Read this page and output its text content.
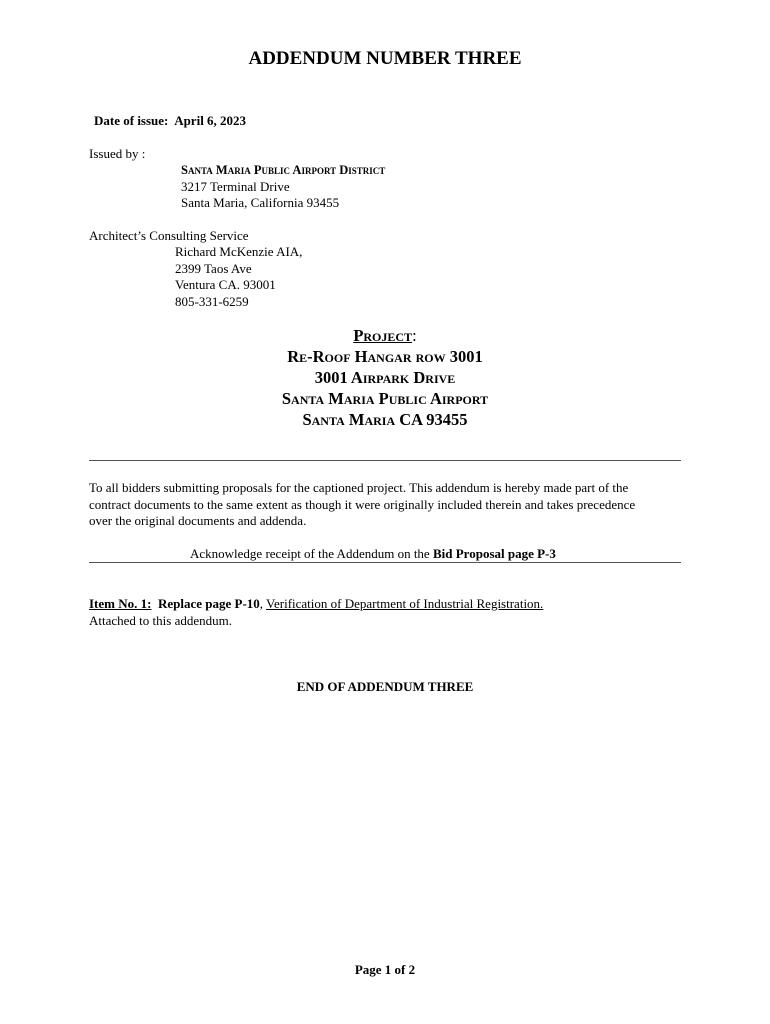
ADDENDUM NUMBER THREE
Date of issue: April 6, 2023
Issued by :
Santa Maria Public Airport District
3217 Terminal Drive
Santa Maria, California 93455
Architect’s Consulting Service
Richard McKenzie AIA,
2399 Taos Ave
Ventura CA. 93001
805-331-6259
Project:
Re-Roof Hangar row 3001
3001 Airpark Drive
Santa Maria Public Airport
Santa Maria CA 93455
To all bidders submitting proposals for the captioned project. This addendum is hereby made part of the
contract documents to the same extent as though it were originally included therein and takes precedence
over the original documents and addenda.
Acknowledge receipt of the Addendum on the Bid Proposal page P-3
Item No. 1: Replace page P-10, Verification of Department of Industrial Registration.
Attached to this addendum.
END OF ADDENDUM THREE
Page 1 of 2
